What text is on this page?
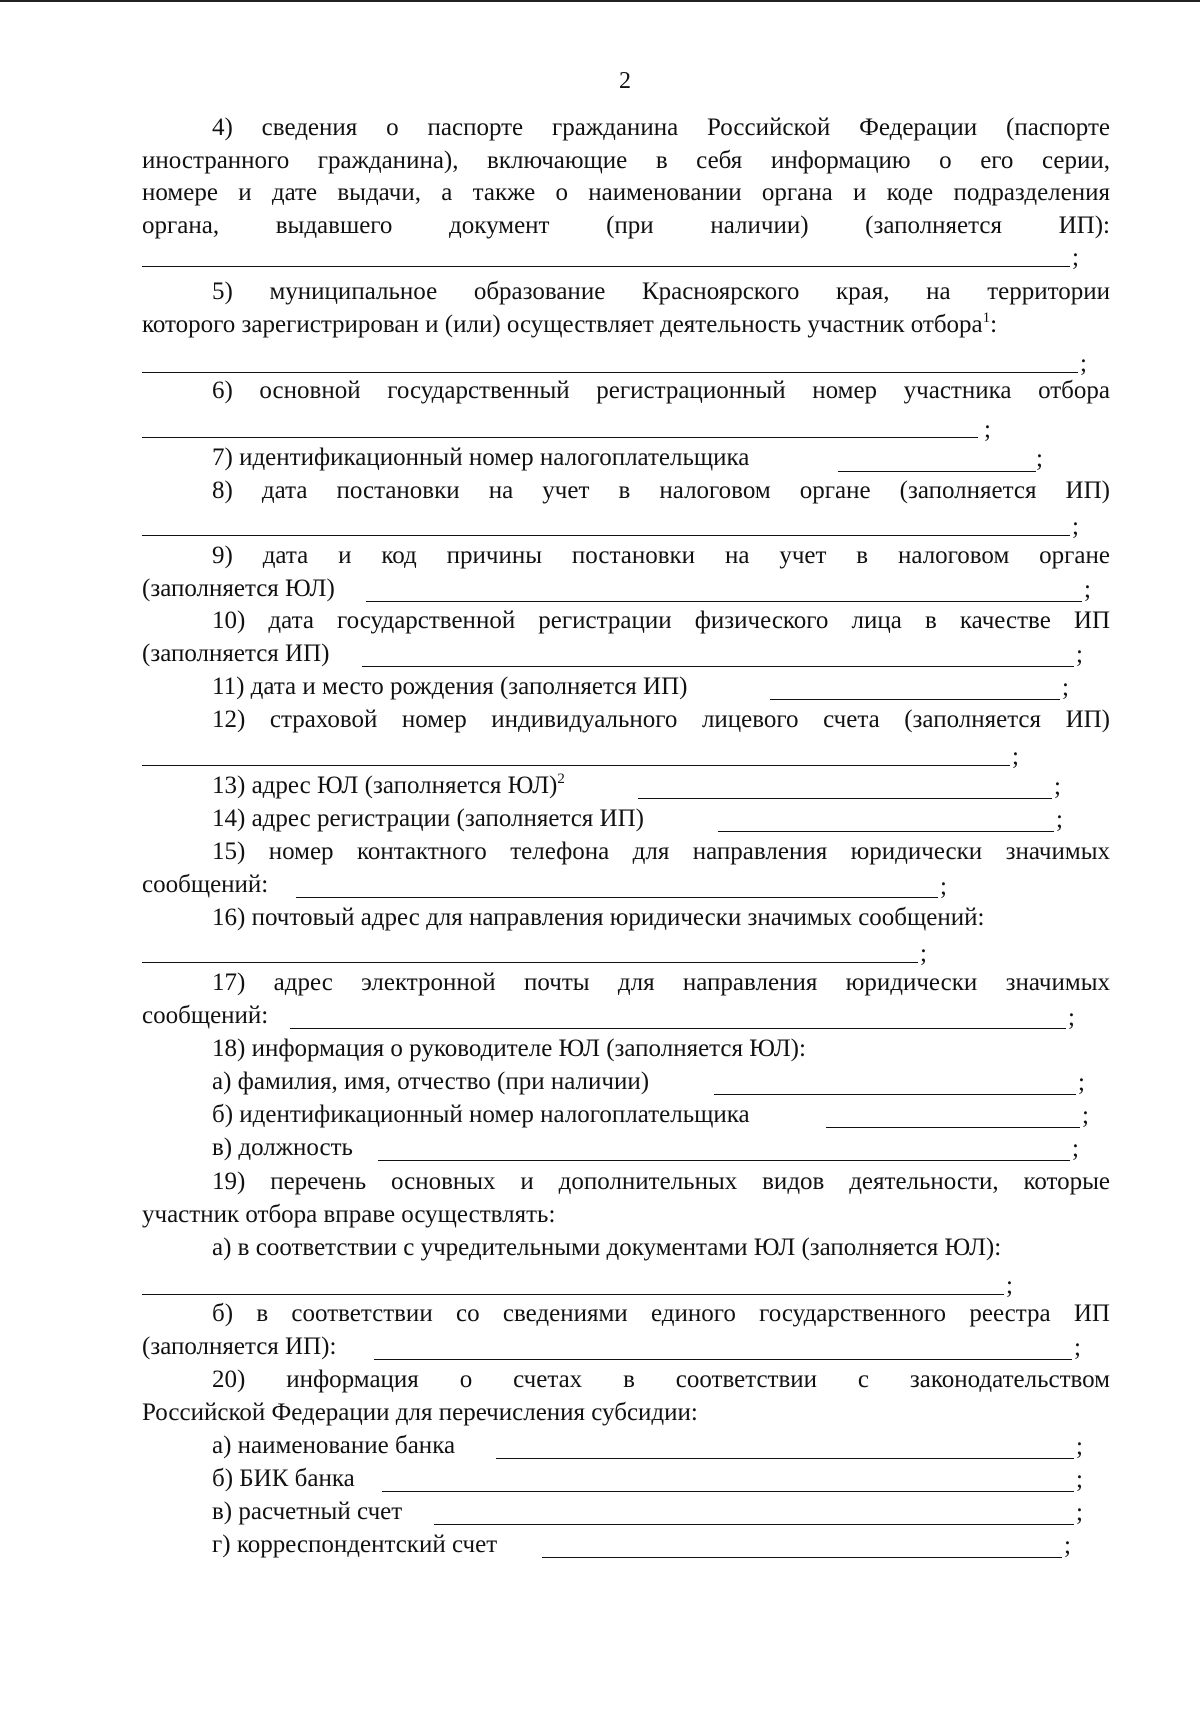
2
4) сведения о паспорте гражданина Российской Федерации (паспорте
иностранного гражданина), включающие в себя информацию о его серии,
номере и дате выдачи, а также о наименовании органа и коде подразделения
органа, выдавшего документ (при наличии) (заполняется ИП):
;
5) муниципальное образование Красноярского края, на территории
которого зарегистрирован и (или) осуществляет деятельность участник отбора$^1$:
;
6) основной государственный регистрационный номер участника отбора
;
7) идентификационный номер налогоплательщика	;
8) дата постановки на учет в налоговом органе (заполняется ИП)
;
9) дата и код причины постановки на учет в налоговом органе
(заполняется ЮЛ)	;
10) дата государственной регистрации физического лица в качестве ИП
(заполняется ИП)	;
11) дата и место рождения (заполняется ИП)	;
12) страховой номер индивидуального лицевого счета (заполняется ИП)
;
13) адрес ЮЛ (заполняется ЮЛ)$^2$	;
14) адрес регистрации (заполняется ИП)	;
15) номер контактного телефона для направления юридически значимых
сообщений:	;
16) почтовый адрес для направления юридически значимых сообщений:
;
17) адрес электронной почты для направления юридически значимых
сообщений:	;
18) информация о руководителе ЮЛ (заполняется ЮЛ):
а) фамилия, имя, отчество (при наличии)	;
б) идентификационный номер налогоплательщика	;
в) должность	;
19) перечень основных и дополнительных видов деятельности, которые
участник отбора вправе осуществлять:
а) в соответствии с учредительными документами ЮЛ (заполняется ЮЛ):
;
б) в соответствии со сведениями единого государственного реестра ИП
(заполняется ИП):	;
20) информация о счетах в соответствии с законодательством
Российской Федерации для перечисления субсидии:
а) наименование банка	;
б) БИК банка	;
в) расчетный счет	;
г) корреспондентский счет	;
